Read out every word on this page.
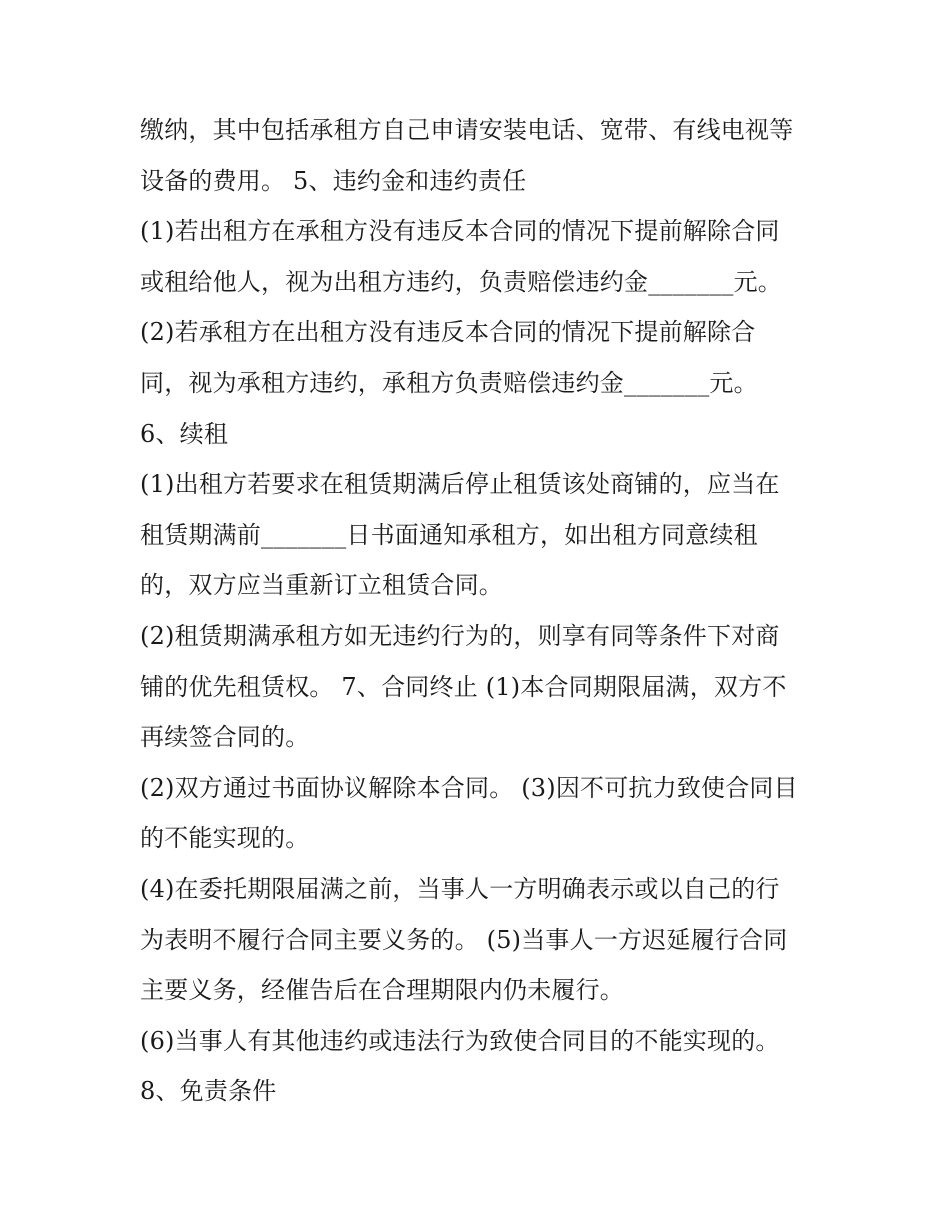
缴纳，其中包括承租方自己申请安装电话、宽带、有线电视等
设备的费用。 5、违约金和违约责任
(1)若出租方在承租方没有违反本合同的情况下提前解除合同
或租给他人，视为出租方违约，负责赔偿违约金_______元。
(2)若承租方在出租方没有违反本合同的情况下提前解除合
同，视为承租方违约，承租方负责赔偿违约金_______元。
6、续租
(1)出租方若要求在租赁期满后停止租赁该处商铺的，应当在
租赁期满前_______日书面通知承租方，如出租方同意续租
的，双方应当重新订立租赁合同。
(2)租赁期满承租方如无违约行为的，则享有同等条件下对商
铺的优先租赁权。 7、合同终止 (1)本合同期限届满，双方不
再续签合同的。
(2)双方通过书面协议解除本合同。 (3)因不可抗力致使合同目
的不能实现的。
(4)在委托期限届满之前，当事人一方明确表示或以自己的行
为表明不履行合同主要义务的。 (5)当事人一方迟延履行合同
主要义务，经催告后在合理期限内仍未履行。
(6)当事人有其他违约或违法行为致使合同目的不能实现的。
8、免责条件
